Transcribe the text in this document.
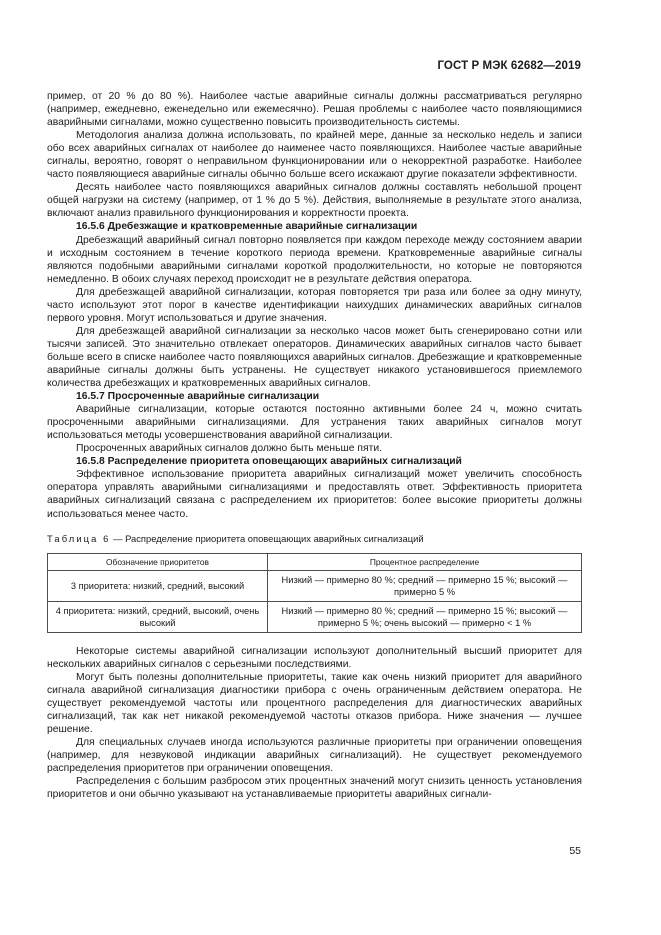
ГОСТ Р МЭК 62682—2019

пример, от 20 % до 80 %). Наиболее частые аварийные сигналы должны рассматриваться регулярно (например, ежедневно, еженедельно или ежемесячно). Решая проблемы с наиболее часто появляющимися аварийными сигналами, можно существенно повысить производительность системы.

Методология анализа должна использовать, по крайней мере, данные за несколько недель и записи обо всех аварийных сигналах от наиболее до наименее часто появляющихся. Наиболее частые аварийные сигналы, вероятно, говорят о неправильном функционировании или о некорректной разработке. Наиболее часто появляющиеся аварийные сигналы обычно больше всего искажают другие показатели эффективности.

Десять наиболее часто появляющихся аварийных сигналов должны составлять небольшой процент общей нагрузки на систему (например, от 1 % до 5 %). Действия, выполняемые в результате этого анализа, включают анализ правильного функционирования и корректности проекта.

16.5.6 Дребезжащие и кратковременные аварийные сигнализации

Дребезжащий аварийный сигнал повторно появляется при каждом переходе между состоянием аварии и исходным состоянием в течение короткого периода времени. Кратковременные аварийные сигналы являются подобными аварийными сигналами короткой продолжительности, но которые не повторяются немедленно. В обоих случаях переход происходит не в результате действия оператора.

Для дребезжащей аварийной сигнализации, которая повторяется три раза или более за одну минуту, часто используют этот порог в качестве идентификации наихудших динамических аварийных сигналов первого уровня. Могут использоваться и другие значения.

Для дребезжащей аварийной сигнализации за несколько часов может быть сгенерировано сотни или тысячи записей. Это значительно отвлекает операторов. Динамических аварийных сигналов часто бывает больше всего в списке наиболее часто появляющихся аварийных сигналов. Дребезжащие и кратковременные аварийные сигналы должны быть устранены. Не существует никакого установившегося приемлемого количества дребезжащих и кратковременных аварийных сигналов.

16.5.7 Просроченные аварийные сигнализации

Аварийные сигнализации, которые остаются постоянно активными более 24 ч, можно считать просроченными аварийными сигнализациями. Для устранения таких аварийных сигналов могут использоваться методы усовершенствования аварийной сигнализации.

Просроченных аварийных сигналов должно быть меньше пяти.

16.5.8 Распределение приоритета оповещающих аварийных сигнализаций

Эффективное использование приоритета аварийных сигнализаций может увеличить способность оператора управлять аварийными сигнализациями и предоставлять ответ. Эффективность приоритета аварийных сигнализаций связана с распределением их приоритетов: более высокие приоритеты должны использоваться менее часто.

Таблица 6 — Распределение приоритета оповещающих аварийных сигнализаций
Обозначение приоритетов	Процентное распределение
3 приоритета: низкий, средний, высокий	Низкий — примерно 80 %; средний — примерно 15 %; высокий — примерно 5 %
4 приоритета: низкий, средний, высокий, очень высокий	Низкий — примерно 80 %; средний — примерно 15 %; высокий — примерно 5 %; очень высокий — примерно < 1 %

Некоторые системы аварийной сигнализации используют дополнительный высший приоритет для нескольких аварийных сигналов с серьезными последствиями.

Могут быть полезны дополнительные приоритеты, такие как очень низкий приоритет для аварийного сигнала аварийной сигнализация диагностики прибора с очень ограниченным действием оператора. Не существует рекомендуемой частоты или процентного распределения для диагностических аварийных сигнализаций, так как нет никакой рекомендуемой частоты отказов прибора. Ниже значения — лучшее решение.

Для специальных случаев иногда используются различные приоритеты при ограничении оповещения (например, для незвуковой индикации аварийных сигнализаций). Не существует рекомендуемого распределения приоритетов при ограничении оповещения.

Распределения с большим разбросом этих процентных значений могут снизить ценность установления приоритетов и они обычно указывают на устанавливаемые приоритеты аварийных сигнали-

55
